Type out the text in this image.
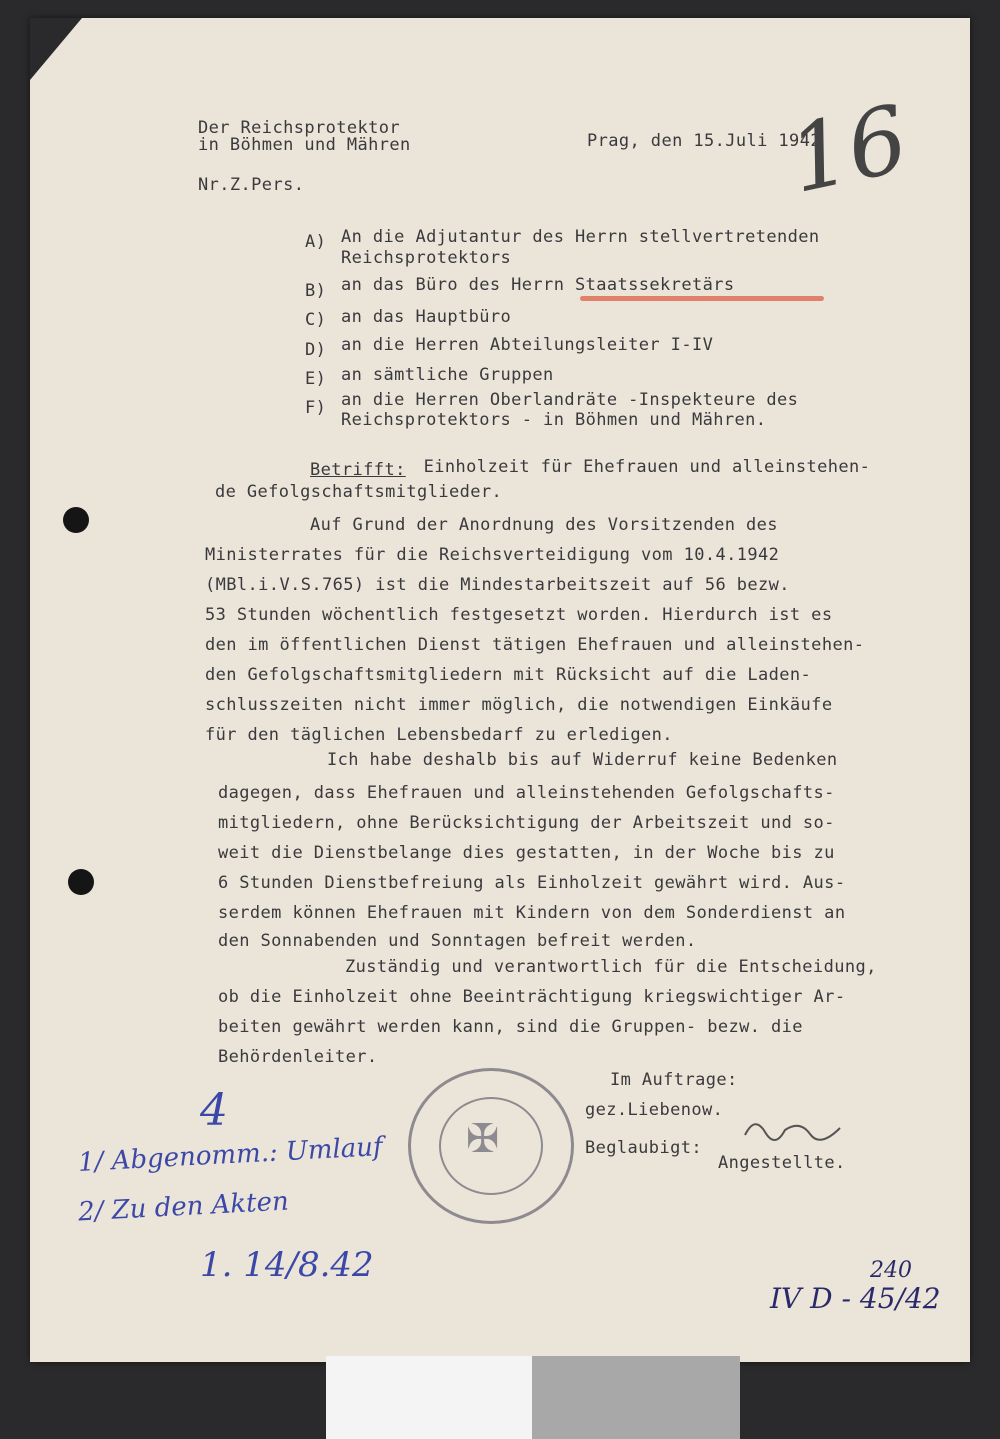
Der Reichsprotektor
in Böhmen und Mähren	Prag, den 15.Juli 1942
16
Nr.Z.Pers.
A) An die Adjutantur des Herrn stellvertretenden
Reichsprotektors
B) an das Büro des Herrn Staatssekretärs
C) an das Hauptbüro
D) an die Herren Abteilungsleiter I-IV
E) an sämtliche Gruppen
F) an die Herren Oberlandräte -Inspekteure des
Reichsprotektors - in Böhmen und Mähren.
Betrifft: Einholzeit für Ehefrauen und alleinstehen-
de Gefolgschaftsmitglieder.
Auf Grund der Anordnung des Vorsitzenden des
Ministerrates für die Reichsverteidigung vom 10.4.1942
(MBl.i.V.S.765) ist die Mindestarbeitszeit auf 56 bezw.
53 Stunden wöchentlich festgesetzt worden. Hierdurch ist es
den im öffentlichen Dienst tätigen Ehefrauen und alleinstehen-
den Gefolgschaftsmitgliedern mit Rücksicht auf die Laden-
schlusszeiten nicht immer möglich, die notwendigen Einkäufe
für den täglichen Lebensbedarf zu erledigen.
Ich habe deshalb bis auf Widerruf keine Bedenken
dagegen, dass Ehefrauen und alleinstehenden Gefolgschafts-
mitgliedern, ohne Berücksichtigung der Arbeitszeit und so-
weit die Dienstbelange dies gestatten, in der Woche bis zu
6 Stunden Dienstbefreiung als Einholzeit gewährt wird. Aus-
serdem können Ehefrauen mit Kindern von dem Sonderdienst an
den Sonnabenden und Sonntagen befreit werden.
Zuständig und verantwortlich für die Entscheidung,
ob die Einholzeit ohne Beeinträchtigung kriegswichtiger Ar-
beiten gewährt werden kann, sind die Gruppen- bezw. die
Behördenleiter.
Im Auftrage:
gez.Liebenow.
Beglaubigt:
Angestellte.
✠
4
1/ Abgenomm.: Umlauf
2/ Zu den Akten
1. 14/8.42
IV D - 45/42
240
